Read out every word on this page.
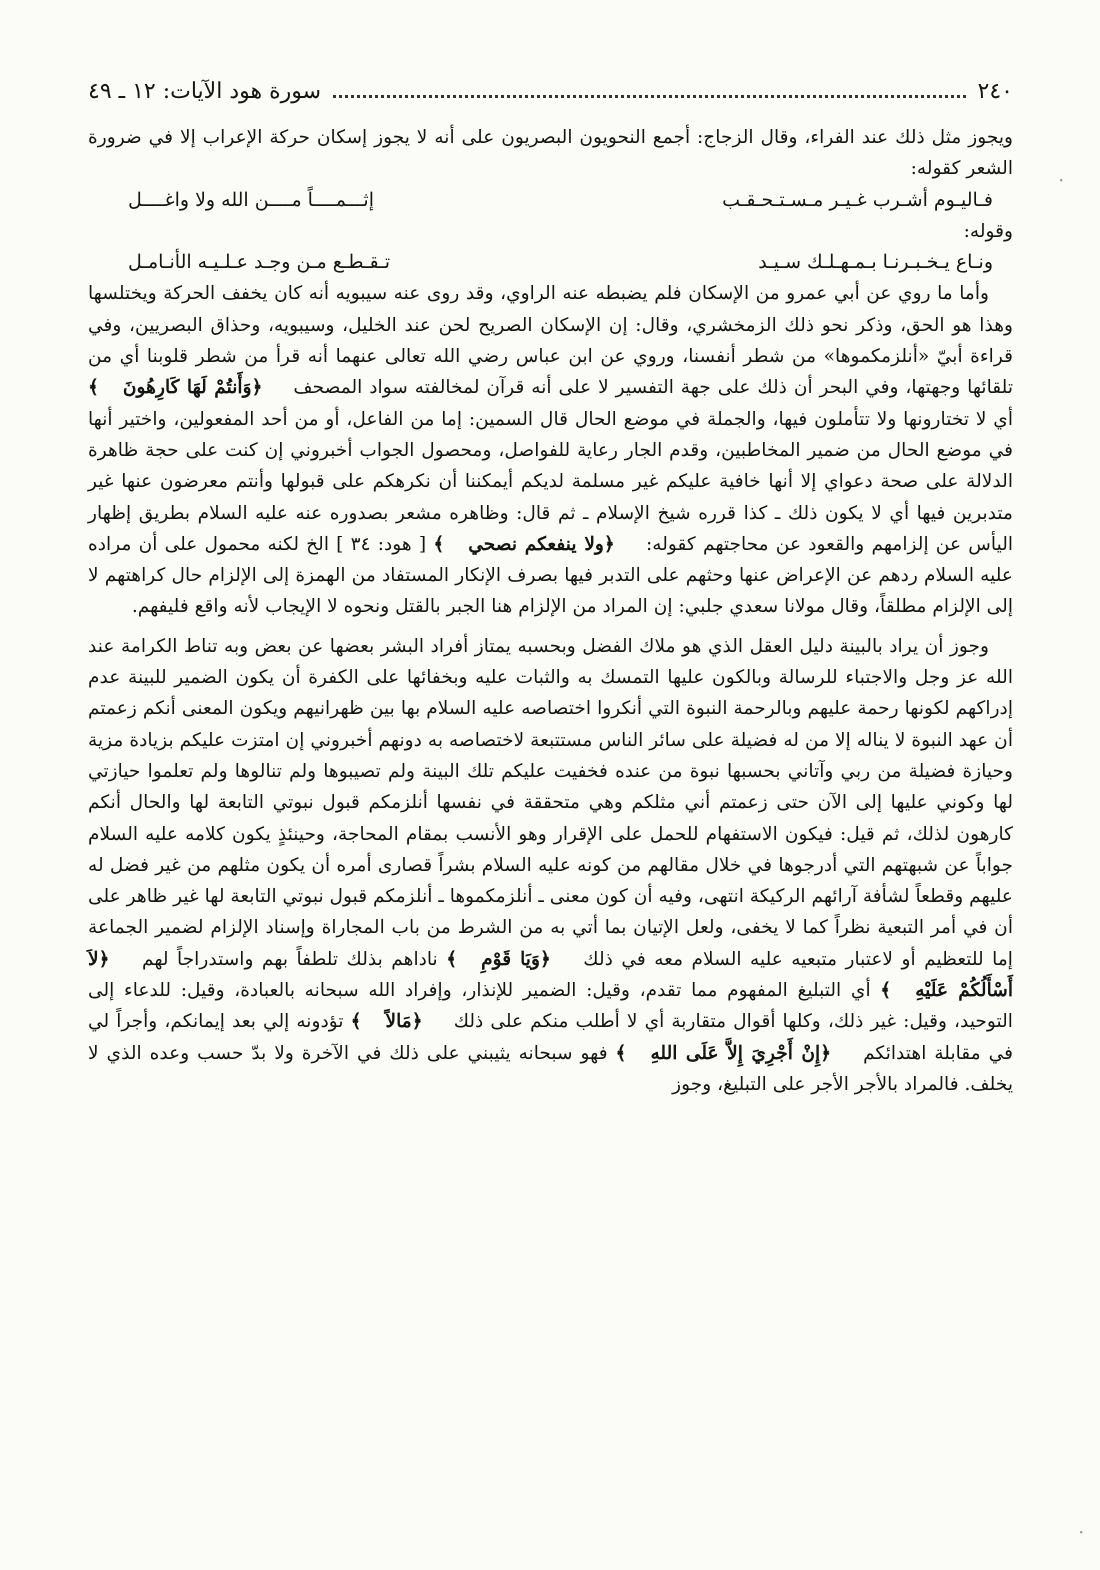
٢٤٠
سورة هود الآيات: ١٢ ـ ٤٩

ويجوز مثل ذلك عند الفراء، وقال الزجاج: أجمع النحويون البصريون على أنه لا يجوز إسكان حركة الإعراب إلا في ضرورة الشعر كقوله:

فـاليـوم أشـرب غـيـر مـسـتـحـقـب
إثـــمــــاً مــــن الله ولا واغــــل

وقوله:

ونـاع يـخـبـرنـا بـمـهـلـك سـيـد
تـقـطـع مـن وجـد عـلـيـه الأنـامـل

وأما ما روي عن أبي عمرو من الإسكان فلم يضبطه عنه الراوي، وقد روى عنه سيبويه أنه كان يخفف الحركة ويختلسها وهذا هو الحق، وذكر نحو ذلك الزمخشري، وقال: إن الإسكان الصريح لحن عند الخليل، وسيبويه، وحذاق البصريين، وفي قراءة أبيّ «أنلزمكموها» من شطر أنفسنا، وروي عن ابن عباس رضي الله تعالى عنهما أنه قرأ من شطر قلوبنا أي من تلقائها وجهتها، وفي البحر أن ذلك على جهة التفسير لا على أنه قرآن لمخالفته سواد المصحف ﴿وَأَنتُمْ لَهَا كَارِهُونَ﴾ أي لا تختارونها ولا تتأملون فيها، والجملة في موضع الحال قال السمين: إما من الفاعل، أو من أحد المفعولين، واختير أنها في موضع الحال من ضمير المخاطبين، وقدم الجار رعاية للفواصل، ومحصول الجواب أخبروني إن كنت على حجة ظاهرة الدلالة على صحة دعواي إلا أنها خافية عليكم غير مسلمة لديكم أيمكننا أن نكرهكم على قبولها وأنتم معرضون عنها غير متدبرين فيها أي لا يكون ذلك ـ كذا قرره شيخ الإسلام ـ ثم قال: وظاهره مشعر بصدوره عنه عليه السلام بطريق إظهار اليأس عن إلزامهم والقعود عن محاجتهم كقوله: ﴿ولا ينفعكم نصحي﴾ [ هود: ٣٤ ] الخ لكنه محمول على أن مراده عليه السلام ردهم عن الإعراض عنها وحثهم على التدبر فيها بصرف الإنكار المستفاد من الهمزة إلى الإلزام حال كراهتهم لا إلى الإلزام مطلقاً، وقال مولانا سعدي جلبي: إن المراد من الإلزام هنا الجبر بالقتل ونحوه لا الإيجاب لأنه واقع فليفهم.

وجوز أن يراد بالبينة دليل العقل الذي هو ملاك الفضل وبحسبه يمتاز أفراد البشر بعضها عن بعض وبه تناط الكرامة عند الله عز وجل والاجتباء للرسالة وبالكون عليها التمسك به والثبات عليه وبخفائها على الكفرة أن يكون الضمير للبينة عدم إدراكهم لكونها رحمة عليهم وبالرحمة النبوة التي أنكروا اختصاصه عليه السلام بها بين ظهرانيهم ويكون المعنى أنكم زعمتم أن عهد النبوة لا يناله إلا من له فضيلة على سائر الناس مستتبعة لاختصاصه به دونهم أخبروني إن امتزت عليكم بزيادة مزية وحيازة فضيلة من ربي وآتاني بحسبها نبوة من عنده فخفيت عليكم تلك البينة ولم تصيبوها ولم تنالوها ولم تعلموا حيازتي لها وكوني عليها إلى الآن حتى زعمتم أني مثلكم وهي متحققة في نفسها أنلزمكم قبول نبوتي التابعة لها والحال أنكم كارهون لذلك، ثم قيل: فيكون الاستفهام للحمل على الإقرار وهو الأنسب بمقام المحاجة، وحينئذٍ يكون كلامه عليه السلام جواباً عن شبهتهم التي أدرجوها في خلال مقالهم من كونه عليه السلام بشراً قصارى أمره أن يكون مثلهم من غير فضل له عليهم وقطعاً لشأفة آرائهم الركيكة انتهى، وفيه أن كون معنى ـ أنلزمكموها ـ أنلزمكم قبول نبوتي التابعة لها غير ظاهر على أن في أمر التبعية نظراً كما لا يخفى، ولعل الإتيان بما أتي به من الشرط من باب المجاراة وإسناد الإلزام لضمير الجماعة إما للتعظيم أو لاعتبار متبعيه عليه السلام معه في ذلك ﴿وَيَا قَوْمِ﴾ ناداهم بذلك تلطفاً بهم واستدراجاً لهم ﴿لاَ أَسْأَلُكُمْ عَلَيْهِ﴾ أي التبليغ المفهوم مما تقدم، وقيل: الضمير للإنذار، وإفراد الله سبحانه بالعبادة، وقيل: للدعاء إلى التوحيد، وقيل: غير ذلك، وكلها أقوال متقاربة أي لا أطلب منكم على ذلك ﴿مَالاً﴾ تؤدونه إلي بعد إيمانكم، وأجراً لي في مقابلة اهتدائكم ﴿إِنْ أَجْرِيَ إِلاَّ عَلَى اللهِ﴾ فهو سبحانه يثيبني على ذلك في الآخرة ولا بدّ حسب وعده الذي لا يخلف. فالمراد بالأجر الأجر على التبليغ، وجوز

·
·
